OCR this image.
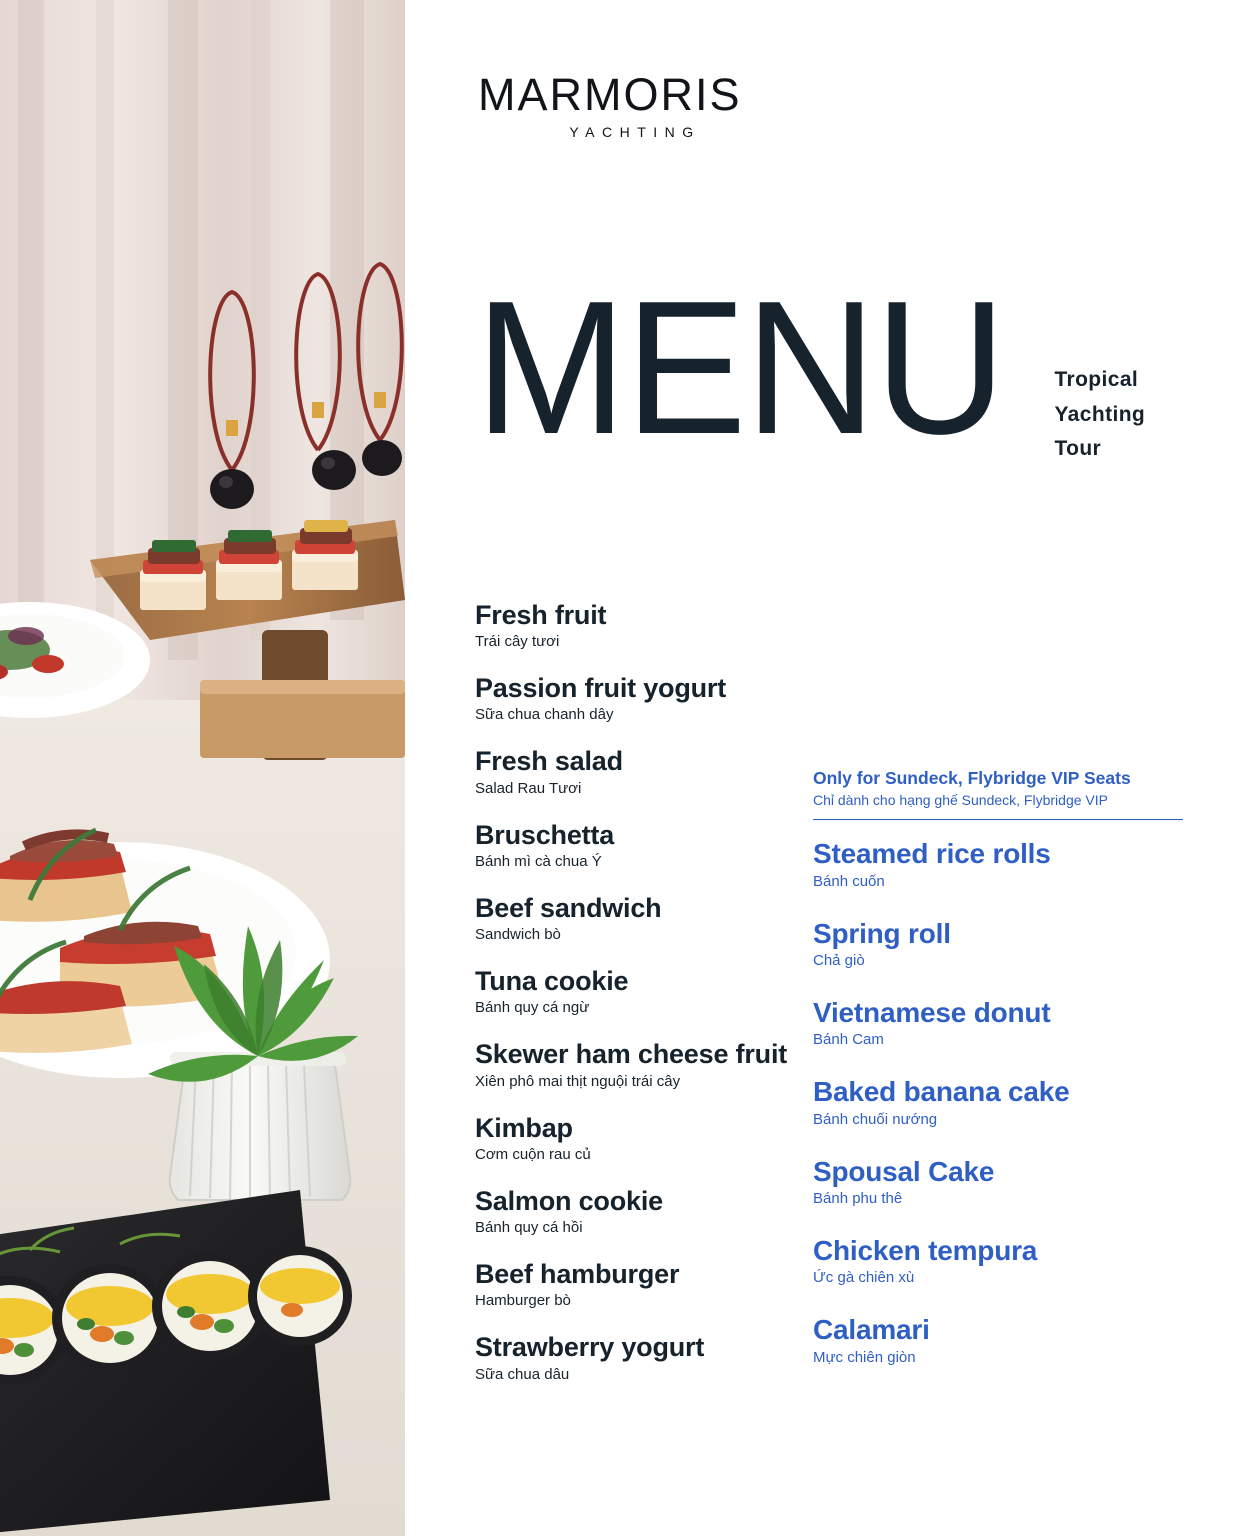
MARMORIS
YACHTING
MENU Tropical
Yachting
Tour
Fresh fruit
Trái cây tươi
Passion fruit yogurt
Sữa chua chanh dây
Fresh salad
Salad Rau Tươi
Bruschetta
Bánh mì cà chua Ý
Beef sandwich
Sandwich bò
Tuna cookie
Bánh quy cá ngừ
Skewer ham cheese fruit
Xiên phô mai thịt nguội trái cây
Kimbap
Cơm cuộn rau củ
Salmon cookie
Bánh quy cá hồi
Beef hamburger
Hamburger bò
Strawberry yogurt
Sữa chua dâu
Only for Sundeck, Flybridge VIP Seats
Chỉ dành cho hạng ghế Sundeck, Flybridge VIP
Steamed rice rolls
Bánh cuốn
Spring roll
Chả giò
Vietnamese donut
Bánh Cam
Baked banana cake
Bánh chuối nướng
Spousal Cake
Bánh phu thê
Chicken tempura
Ức gà chiên xù
Calamari
Mực chiên giòn
